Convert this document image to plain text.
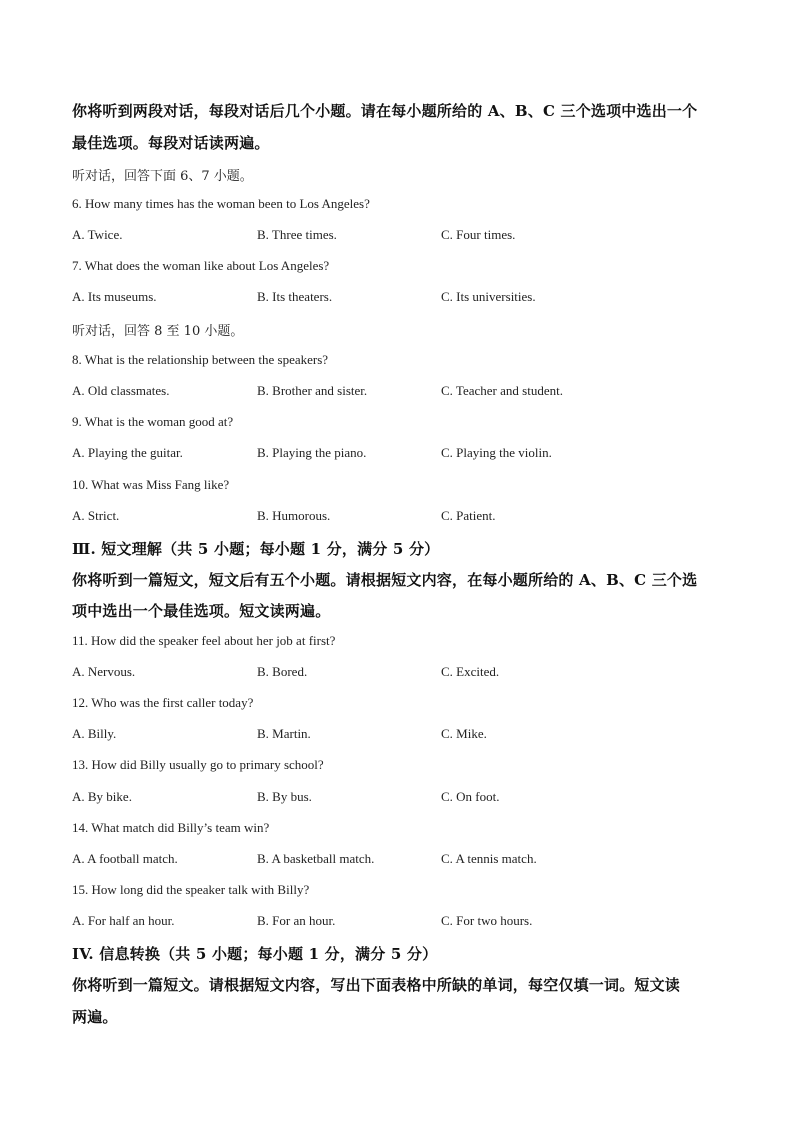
你将听到两段对话，每段对话后几个小题。请在每小题所给的 A、B、C 三个选项中选出一个
最佳选项。每段对话读两遍。
听对话，回答下面 6、7 小题。
6. How many times has the woman been to Los Angeles?
A. Twice.	B. Three times.	C. Four times.
7. What does the woman like about Los Angeles?
A. Its museums.	B. Its theaters.	C. Its universities.
听对话，回答 8 至 10 小题。
8. What is the relationship between the speakers?
A. Old classmates.	B. Brother and sister.	C. Teacher and student.
9. What is the woman good at?
A. Playing the guitar.	B. Playing the piano.	C. Playing the violin.
10. What was Miss Fang like?
A. Strict.	B. Humorous.	C. Patient.
Ⅲ. 短文理解（共 5 小题；每小题 1 分，满分 5 分）
你将听到一篇短文，短文后有五个小题。请根据短文内容，在每小题所给的 A、B、C 三个选
项中选出一个最佳选项。短文读两遍。
11. How did the speaker feel about her job at first?
A. Nervous.	B. Bored.	C. Excited.
12. Who was the first caller today?
A. Billy.	B. Martin.	C. Mike.
13. How did Billy usually go to primary school?
A. By bike.	B. By bus.	C. On foot.
14. What match did Billy’s team win?
A. A football match.	B. A basketball match.	C. A tennis match.
15. How long did the speaker talk with Billy?
A. For half an hour.	B. For an hour.	C. For two hours.
IV. 信息转换（共 5 小题；每小题 1 分，满分 5 分）
你将听到一篇短文。请根据短文内容，写出下面表格中所缺的单词，每空仅填一词。短文读
两遍。
